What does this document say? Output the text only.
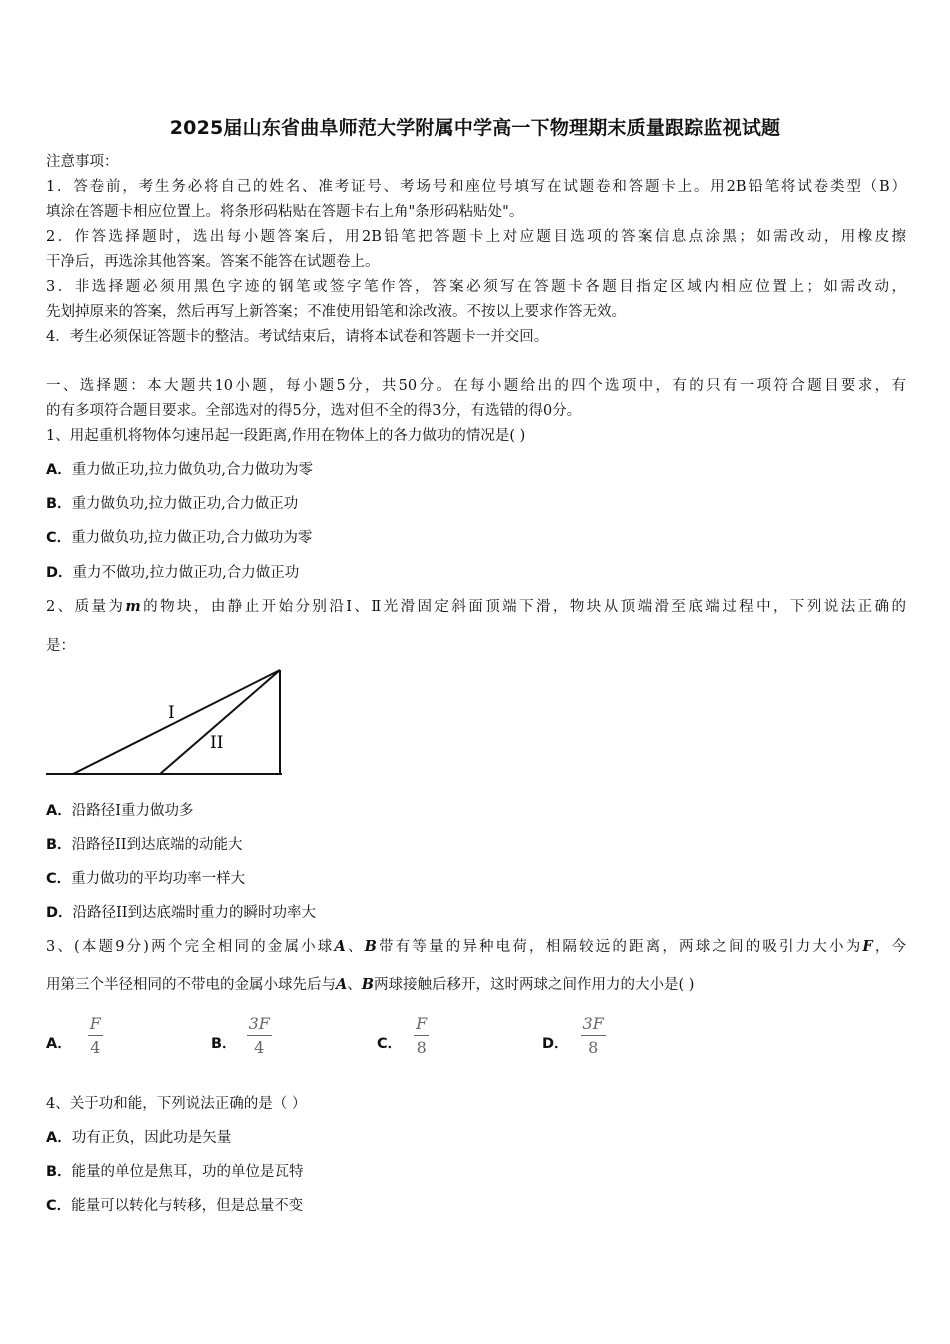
2025届山东省曲阜师范大学附属中学高一下物理期末质量跟踪监视试题
注意事项：
1．答卷前，考生务必将自己的姓名、准考证号、考场号和座位号填写在试题卷和答题卡上。用2B铅笔将试卷类型（B）
填涂在答题卡相应位置上。将条形码粘贴在答题卡右上角"条形码粘贴处"。
2．作答选择题时，选出每小题答案后，用2B铅笔把答题卡上对应题目选项的答案信息点涂黑；如需改动，用橡皮擦
干净后，再选涂其他答案。答案不能答在试题卷上。
3．非选择题必须用黑色字迹的钢笔或签字笔作答，答案必须写在答题卡各题目指定区域内相应位置上；如需改动，
先划掉原来的答案，然后再写上新答案；不准使用铅笔和涂改液。不按以上要求作答无效。
4．考生必须保证答题卡的整洁。考试结束后，请将本试卷和答题卡一并交回。
一、选择题：本大题共10小题，每小题5分，共50分。在每小题给出的四个选项中，有的只有一项符合题目要求，有
的有多项符合题目要求。全部选对的得5分，选对但不全的得3分，有选错的得0分。
1、用起重机将物体匀速吊起一段距离,作用在物体上的各力做功的情况是( )
A．重力做正功,拉力做负功,合力做功为零
B．重力做负功,拉力做正功,合力做正功
C．重力做负功,拉力做正功,合力做功为零
D．重力不做功,拉力做正功,合力做正功
2、质量为m的物块，由静止开始分别沿Ⅰ、Ⅱ光滑固定斜面顶端下滑，物块从顶端滑至底端过程中，下列说法正确的
是：
I
II
A．沿路径Ⅰ重力做功多
B．沿路径II到达底端的动能大
C．重力做功的平均功率一样大
D．沿路径II到达底端时重力的瞬时功率大
3、(本题9分)两个完全相同的金属小球A、B带有等量的异种电荷，相隔较远的距离，两球之间的吸引力大小为F，今
用第三个半径相同的不带电的金属小球先后与A、B两球接触后移开，这时两球之间作用力的大小是( )
A． $\frac{F}{4}$	B． $\frac{3F}{4}$	C． $\frac{F}{8}$	D． $\frac{3F}{8}$
4、关于功和能，下列说法正确的是（ ）
A．功有正负，因此功是矢量
B．能量的单位是焦耳，功的单位是瓦特
C．能量可以转化与转移，但是总量不变
